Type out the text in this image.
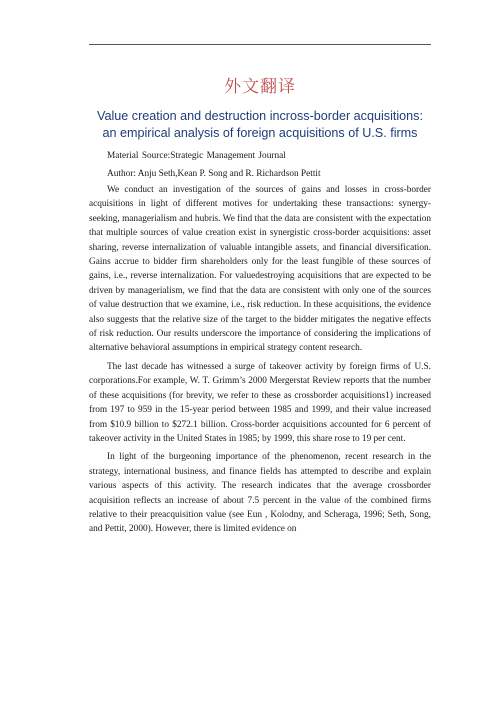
外文翻译
Value creation and destruction incross-border acquisitions: an empirical analysis of foreign acquisitions of U.S. firms
Material Source:Strategic Management Journal
Author: Anju Seth,Kean P. Song and R. Richardson Pettit

We conduct an investigation of the sources of gains and losses in cross-border acquisitions in light of different motives for undertaking these transactions: synergy-seeking, managerialism and hubris. We find that the data are consistent with the expectation that multiple sources of value creation exist in synergistic cross-border acquisitions: asset sharing, reverse internalization of valuable intangible assets, and financial diversification. Gains accrue to bidder firm shareholders only for the least fungible of these sources of gains, i.e., reverse internalization. For valuedestroying acquisitions that are expected to be driven by managerialism, we find that the data are consistent with only one of the sources of value destruction that we examine, i.e., risk reduction. In these acquisitions, the evidence also suggests that the relative size of the target to the bidder mitigates the negative effects of risk reduction. Our results underscore the importance of considering the implications of alternative behavioral assumptions in empirical strategy content research.

The last decade has witnessed a surge of takeover activity by foreign firms of U.S. corporations.For example, W. T. Grimm’s 2000 Mergerstat Review reports that the number of these acquisitions (for brevity, we refer to these as crossborder acquisitions1) increased from 197 to 959 in the 15-year period between 1985 and 1999, and their value increased from $10.9 billion to $272.1 billion. Cross-border acquisitions accounted for 6 percent of takeover activity in the United States in 1985; by 1999, this share rose to 19 per cent.

In light of the burgeoning importance of the phenomenon, recent research in the strategy, international business, and finance fields has attempted to describe and explain various aspects of this activity. The research indicates that the average crossborder acquisition reflects an increase of about 7.5 percent in the value of the combined firms relative to their preacquisition value (see Eun , Kolodny, and Scheraga, 1996; Seth, Song, and Pettit, 2000). However, there is limited evidence on
